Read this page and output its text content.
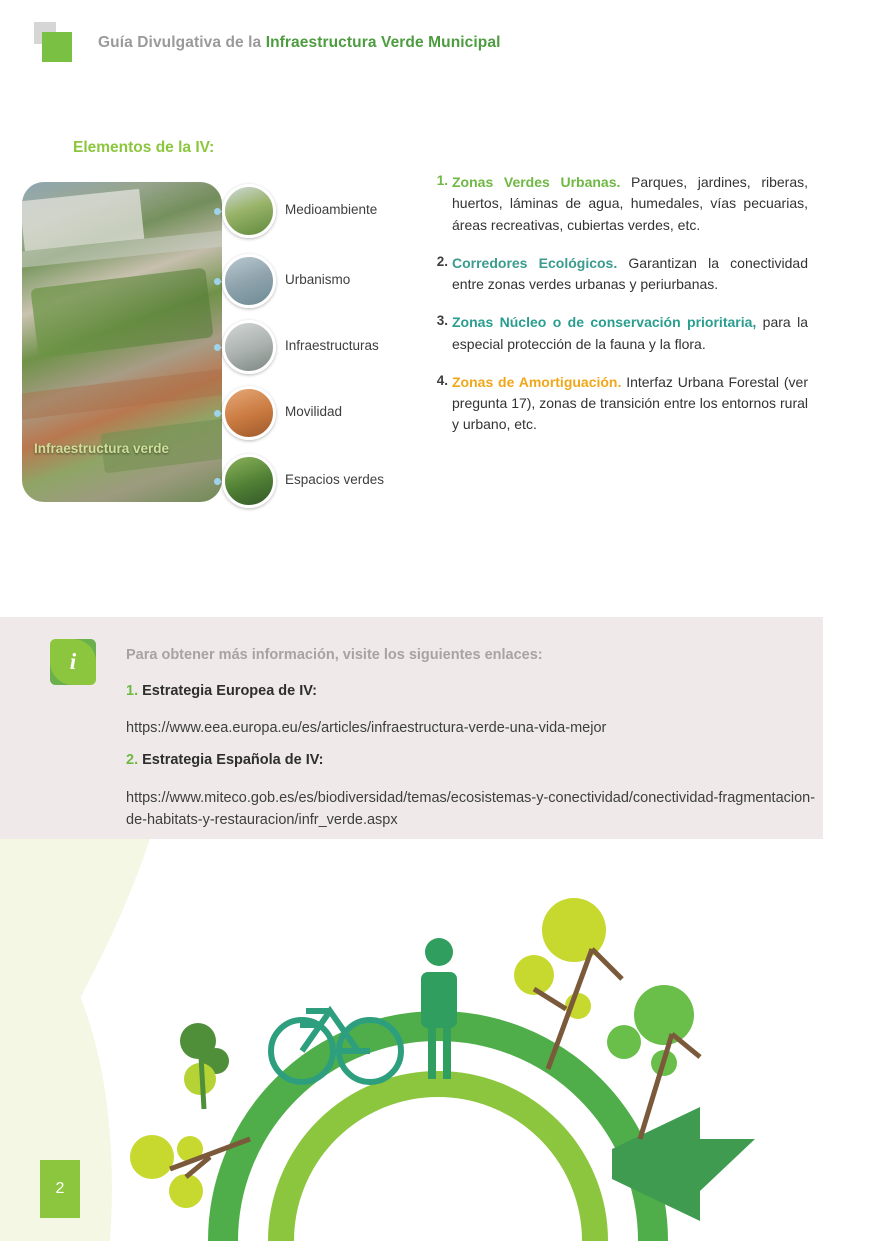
Guía Divulgativa de la Infraestructura Verde Municipal
Elementos de la IV:
Infraestructura verde
Medioambiente
Urbanismo
Infraestructuras
Movilidad
Espacios verdes
1. Zonas Verdes Urbanas. Parques, jardines, riberas, huertos, láminas de agua, humedales, vías pecuarias, áreas recreativas, cubiertas verdes, etc.
2. Corredores Ecológicos. Garantizan la conectividad entre zonas verdes urbanas y periurbanas.
3. Zonas Núcleo o de conservación prioritaria, para la especial protección de la fauna y la flora.
4. Zonas de Amortiguación. Interfaz Urbana Forestal (ver pregunta 17), zonas de transición entre los entornos rural y urbano, etc.
i	Para obtener más información, visite los siguientes enlaces:
1. Estrategia Europea de IV:
https://www.eea.europa.eu/es/articles/infraestructura-verde-una-vida-mejor
2. Estrategia Española de IV:
https://www.miteco.gob.es/es/biodiversidad/temas/ecosistemas-y-conectividad/conectividad-fragmentacion-de-habitats-y-restauracion/infr_verde.aspx
2
